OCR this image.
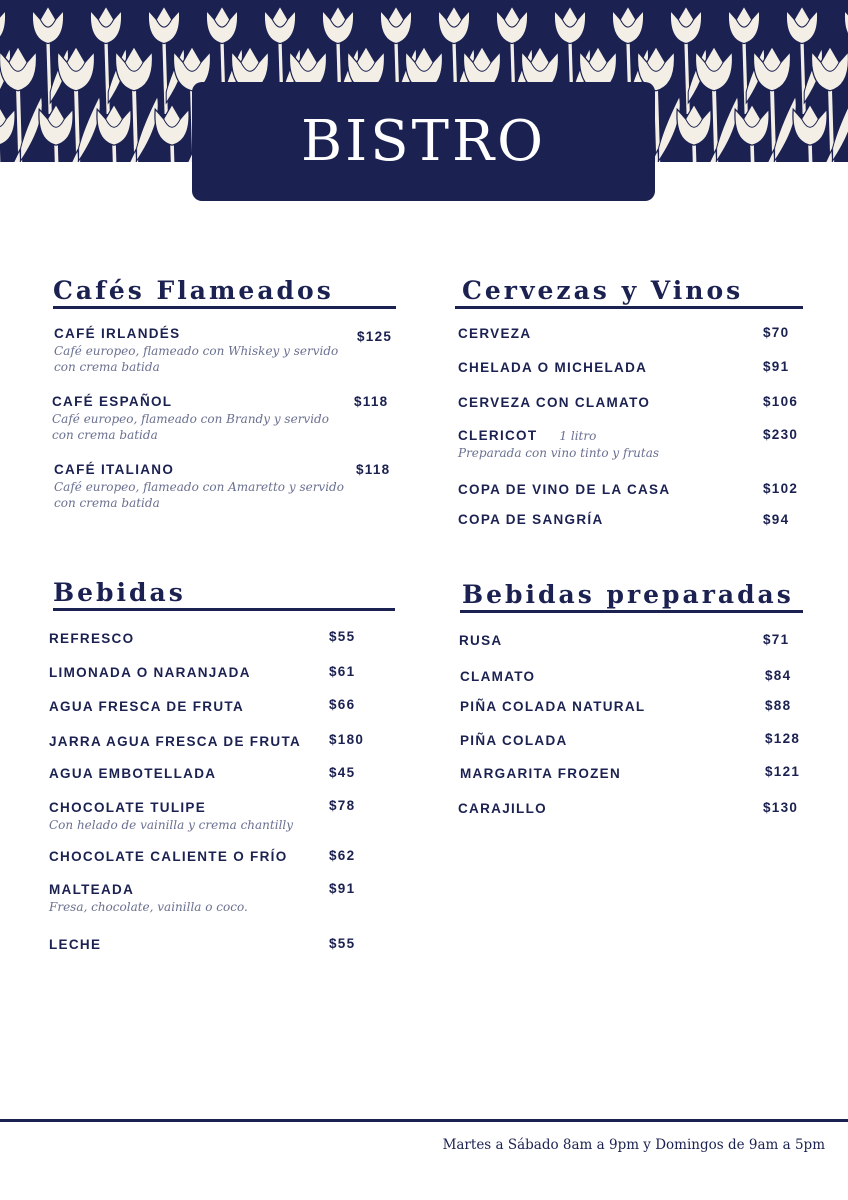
BISTRO
Cafés Flameados
CAFÉ IRLANDÉS
Café europeo, flameado con Whiskey y servido con crema batida
$125
CAFÉ ESPAÑOL
Café europeo, flameado con Brandy y servido con crema batida
$118
CAFÉ ITALIANO
Café europeo, flameado con Amaretto y servido con crema batida
$118
Cervezas y Vinos
CERVEZA	$70
CHELADA O MICHELADA	$91
CERVEZA CON CLAMATO	$106
CLERICOT 1 litro
Preparada con vino tinto y frutas
$230
COPA DE VINO DE LA CASA	$102
COPA DE SANGRÍA	$94
Bebidas
REFRESCO	$55
LIMONADA O NARANJADA	$61
AGUA FRESCA DE FRUTA	$66
JARRA AGUA FRESCA DE FRUTA $180
AGUA EMBOTELLADA	$45
CHOCOLATE TULIPE
Con helado de vainilla y crema chantilly
$78
CHOCOLATE CALIENTE O FRÍO	$62
MALTEADA
Fresa, chocolate, vainilla o coco.
$91
LECHE	$55
Bebidas preparadas
RUSA	$71
CLAMATO	$84
PIÑA COLADA NATURAL	$88
PIÑA COLADA	$128
MARGARITA FROZEN	$121
CARAJILLO	$130
Martes a Sábado 8am a 9pm y Domingos de 9am a 5pm
